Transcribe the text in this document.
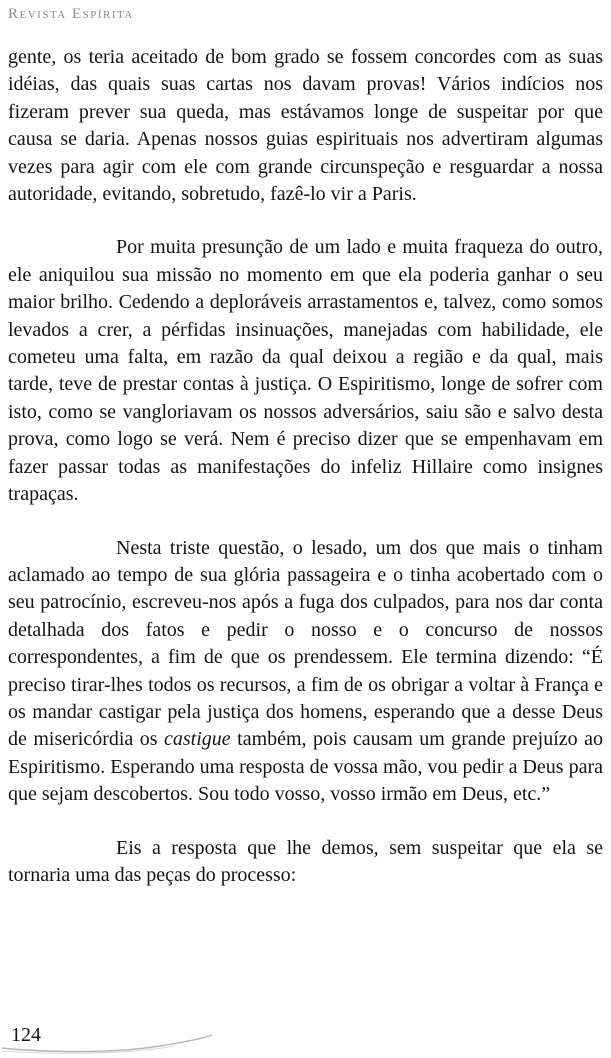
Revista Espírita

gente, os teria aceitado de bom grado se fossem concordes com as suas idéias, das quais suas cartas nos davam provas! Vários indícios nos fizeram prever sua queda, mas estávamos longe de suspeitar por que causa se daria. Apenas nossos guias espirituais nos advertiram algumas vezes para agir com ele com grande circunspeção e resguardar a nossa autoridade, evitando, sobretudo, fazê-lo vir a Paris.

Por muita presunção de um lado e muita fraqueza do outro, ele aniquilou sua missão no momento em que ela poderia ganhar o seu maior brilho. Cedendo a deploráveis arrastamentos e, talvez, como somos levados a crer, a pérfidas insinuações, manejadas com habilidade, ele cometeu uma falta, em razão da qual deixou a região e da qual, mais tarde, teve de prestar contas à justiça. O Espiritismo, longe de sofrer com isto, como se vangloriavam os nossos adversários, saiu são e salvo desta prova, como logo se verá. Nem é preciso dizer que se empenhavam em fazer passar todas as manifestações do infeliz Hillaire como insignes trapaças.

Nesta triste questão, o lesado, um dos que mais o tinham aclamado ao tempo de sua glória passageira e o tinha acobertado com o seu patrocínio, escreveu-nos após a fuga dos culpados, para nos dar conta detalhada dos fatos e pedir o nosso e o concurso de nossos correspondentes, a fim de que os prendessem. Ele termina dizendo: “É preciso tirar-lhes todos os recursos, a fim de os obrigar a voltar à França e os mandar castigar pela justiça dos homens, esperando que a desse Deus de misericórdia os castigue também, pois causam um grande prejuízo ao Espiritismo. Esperando uma resposta de vossa mão, vou pedir a Deus para que sejam descobertos. Sou todo vosso, vosso irmão em Deus, etc.”

Eis a resposta que lhe demos, sem suspeitar que ela se tornaria uma das peças do processo:

124
